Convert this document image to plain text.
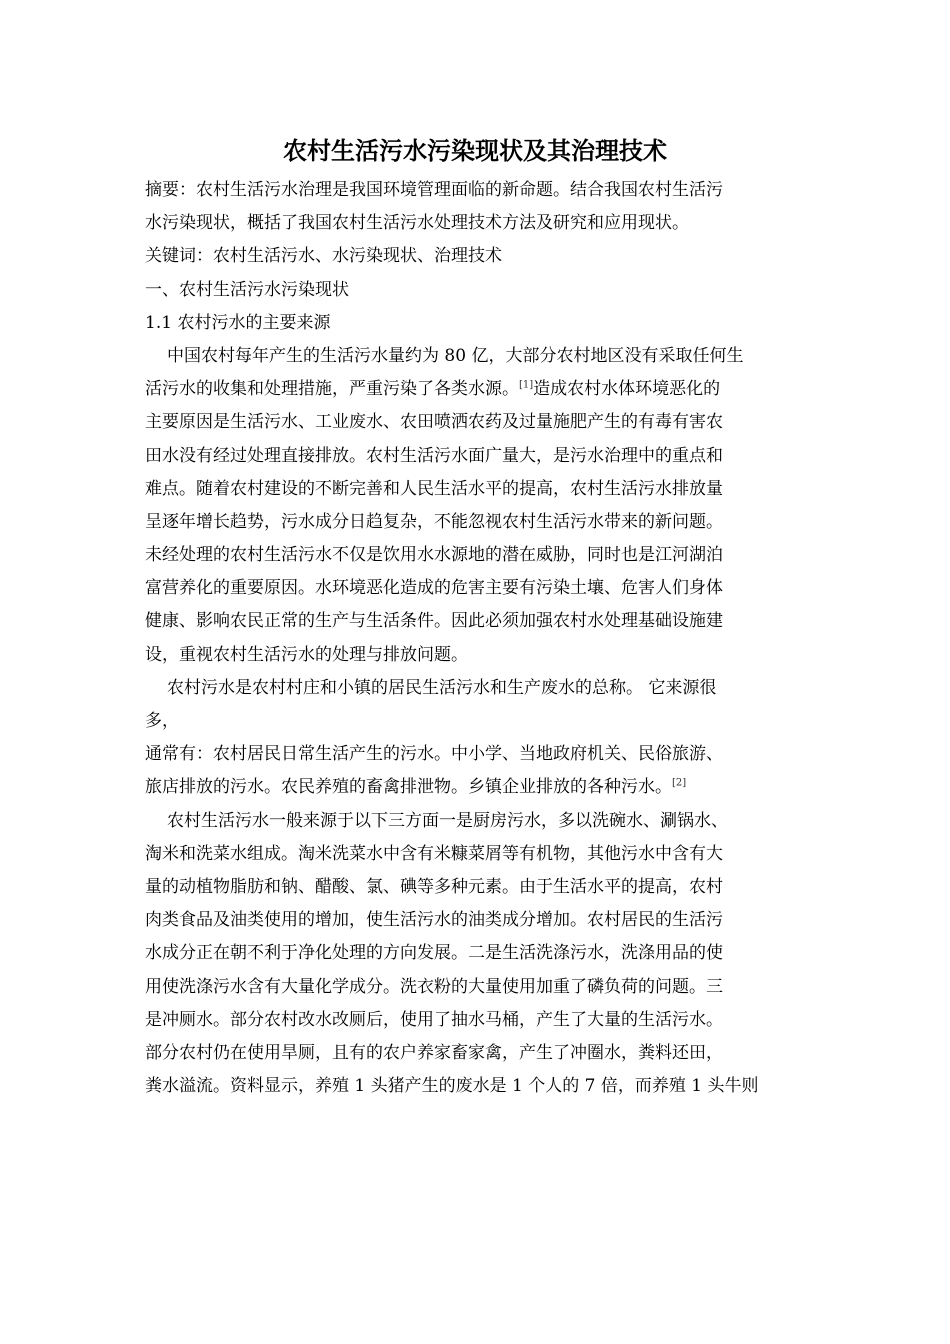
农村生活污水污染现状及其治理技术
摘要：农村生活污水治理是我国环境管理面临的新命题。结合我国农村生活污
水污染现状，概括了我国农村生活污水处理技术方法及研究和应用现状。
关键词：农村生活污水、水污染现状、治理技术
一、农村生活污水污染现状
1.1 农村污水的主要来源
中国农村每年产生的生活污水量约为 80 亿，大部分农村地区没有采取任何生
活污水的收集和处理措施，严重污染了各类水源。[1]造成农村水体环境恶化的
主要原因是生活污水、工业废水、农田喷洒农药及过量施肥产生的有毒有害农
田水没有经过处理直接排放。农村生活污水面广量大，是污水治理中的重点和
难点。随着农村建设的不断完善和人民生活水平的提高，农村生活污水排放量
呈逐年增长趋势，污水成分日趋复杂，不能忽视农村生活污水带来的新问题。
未经处理的农村生活污水不仅是饮用水水源地的潜在威胁，同时也是江河湖泊
富营养化的重要原因。水环境恶化造成的危害主要有污染土壤、危害人们身体
健康、影响农民正常的生产与生活条件。因此必须加强农村水处理基础设施建
设，重视农村生活污水的处理与排放问题。
农村污水是农村村庄和小镇的居民生活污水和生产废水的总称。 它来源很
多，
通常有：农村居民日常生活产生的污水。中小学、当地政府机关、民俗旅游、
旅店排放的污水。农民养殖的畜禽排泄物。乡镇企业排放的各种污水。[2]
农村生活污水一般来源于以下三方面一是厨房污水，多以洗碗水、涮锅水、
淘米和洗菜水组成。淘米洗菜水中含有米糠菜屑等有机物，其他污水中含有大
量的动植物脂肪和钠、醋酸、氯、碘等多种元素。由于生活水平的提高，农村
肉类食品及油类使用的增加，使生活污水的油类成分增加。农村居民的生活污
水成分正在朝不利于净化处理的方向发展。二是生活洗涤污水，洗涤用品的使
用使洗涤污水含有大量化学成分。洗衣粉的大量使用加重了磷负荷的问题。三
是冲厕水。部分农村改水改厕后，使用了抽水马桶，产生了大量的生活污水。
部分农村仍在使用旱厕，且有的农户养家畜家禽，产生了冲圈水，粪料还田，
粪水溢流。资料显示，养殖 1 头猪产生的废水是 1 个人的 7 倍，而养殖 1 头牛则
